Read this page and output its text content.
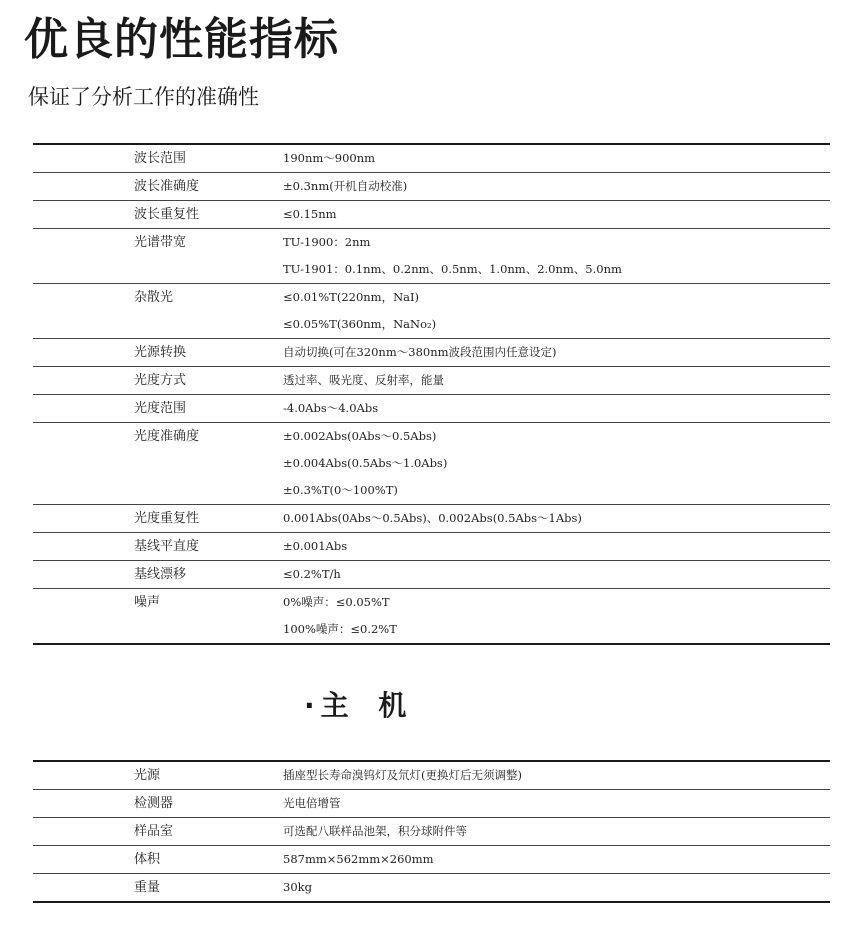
优良的性能指标

保证了分析工作的准确性

波长范围	190nm～900nm
波长准确度	±0.3nm(开机自动校准)
波长重复性	≤0.15nm
光谱带宽	TU-1900：2nm
TU-1901：0.1nm、0.2nm、0.5nm、1.0nm、2.0nm、5.0nm
杂散光	≤0.01%T(220nm，NaI)
≤0.05%T(360nm，NaNo₂)
光源转换	自动切换(可在320nm～380nm波段范围内任意设定)
光度方式	透过率、吸光度、反射率，能量
光度范围	-4.0Abs～4.0Abs
光度准确度	±0.002Abs(0Abs～0.5Abs)
±0.004Abs(0.5Abs～1.0Abs)
±0.3%T(0～100%T)
光度重复性	0.001Abs(0Abs～0.5Abs)、0.002Abs(0.5Abs～1Abs)
基线平直度	±0.001Abs
基线漂移	≤0.2%T/h
噪声	0%噪声：≤0.05%T
100%噪声：≤0.2%T
·主 机
光源	插座型长寿命溴钨灯及氘灯(更换灯后无须调整)
检测器	光电倍增管
样品室	可选配八联样品池架，积分球附件等
体积	587mm×562mm×260mm
重量	30kg
